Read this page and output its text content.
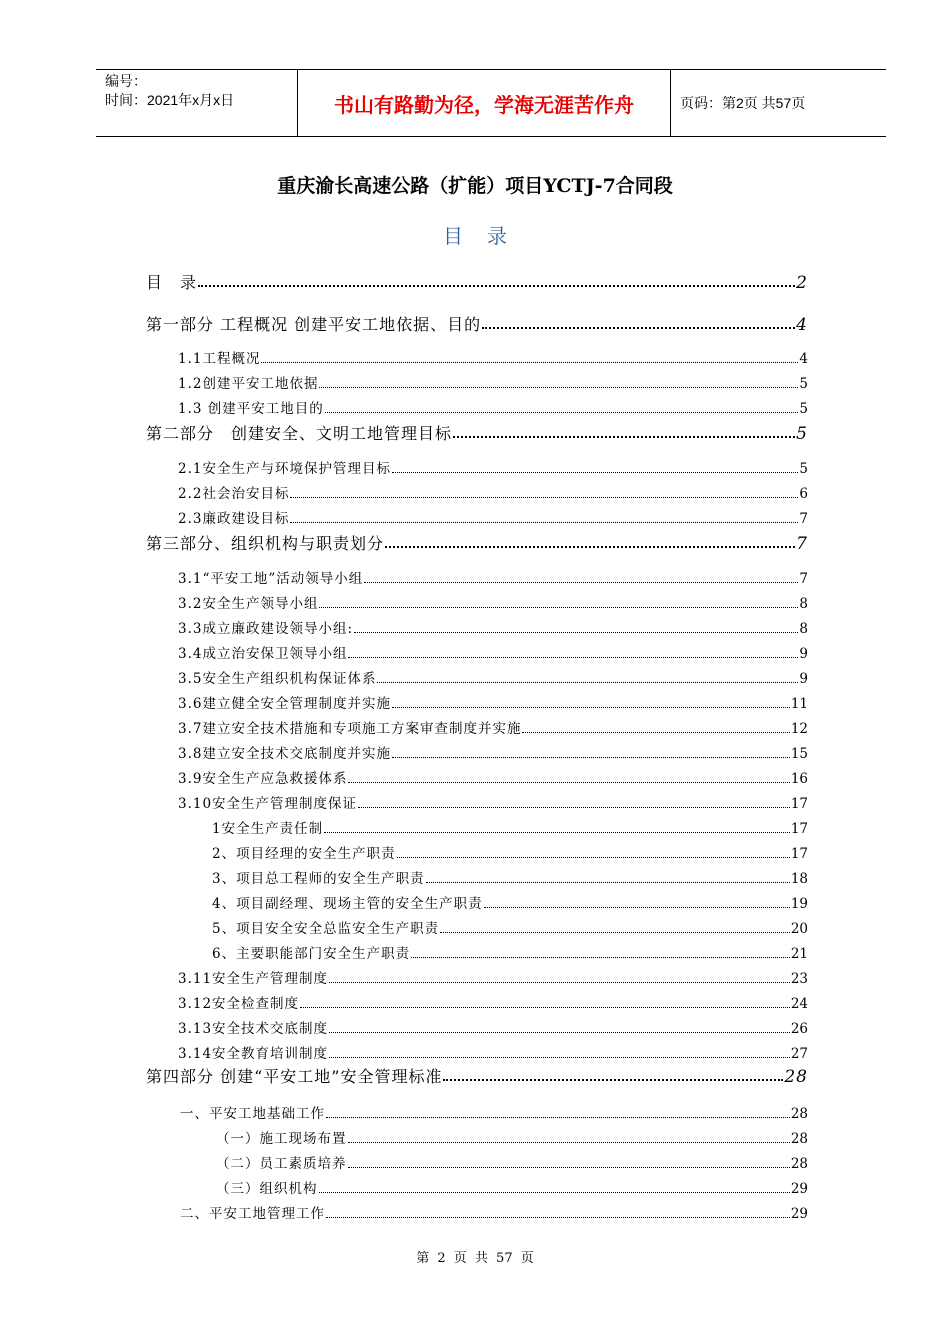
编号：
时间：2021年x月x日	书山有路勤为径，学海无涯苦作舟	页码：第2页 共57页
重庆渝长高速公路（扩能）项目YCTJ-7合同段
目录
目　录	2
第一部分 工程概况 创建平安工地依据、目的	4
1.1工程概况	4
1.2创建平安工地依据	5
1.3 创建平安工地目的	5
第二部分　创建安全、文明工地管理目标	5
2.1安全生产与环境保护管理目标	5
2.2社会治安目标	6
2.3廉政建设目标	7
第三部分、组织机构与职责划分	7
3.1“平安工地”活动领导小组	7
3.2安全生产领导小组	8
3.3成立廉政建设领导小组:	8
3.4成立治安保卫领导小组	9
3.5安全生产组织机构保证体系	9
3.6建立健全安全管理制度并实施	11
3.7建立安全技术措施和专项施工方案审查制度并实施	12
3.8建立安全技术交底制度并实施	15
3.9安全生产应急救援体系	16
3.10安全生产管理制度保证	17
1安全生产责任制	17
2、项目经理的安全生产职责	17
3、项目总工程师的安全生产职责	18
4、项目副经理、现场主管的安全生产职责	19
5、项目安全安全总监安全生产职责	20
6、主要职能部门安全生产职责	21
3.11安全生产管理制度	23
3.12安全检查制度	24
3.13安全技术交底制度	26
3.14安全教育培训制度	27
第四部分 创建“平安工地”安全管理标准	28
一、平安工地基础工作	28
（一）施工现场布置	28
（二）员工素质培养	28
（三）组织机构	29
二、平安工地管理工作	29
第 2 页 共 57 页
